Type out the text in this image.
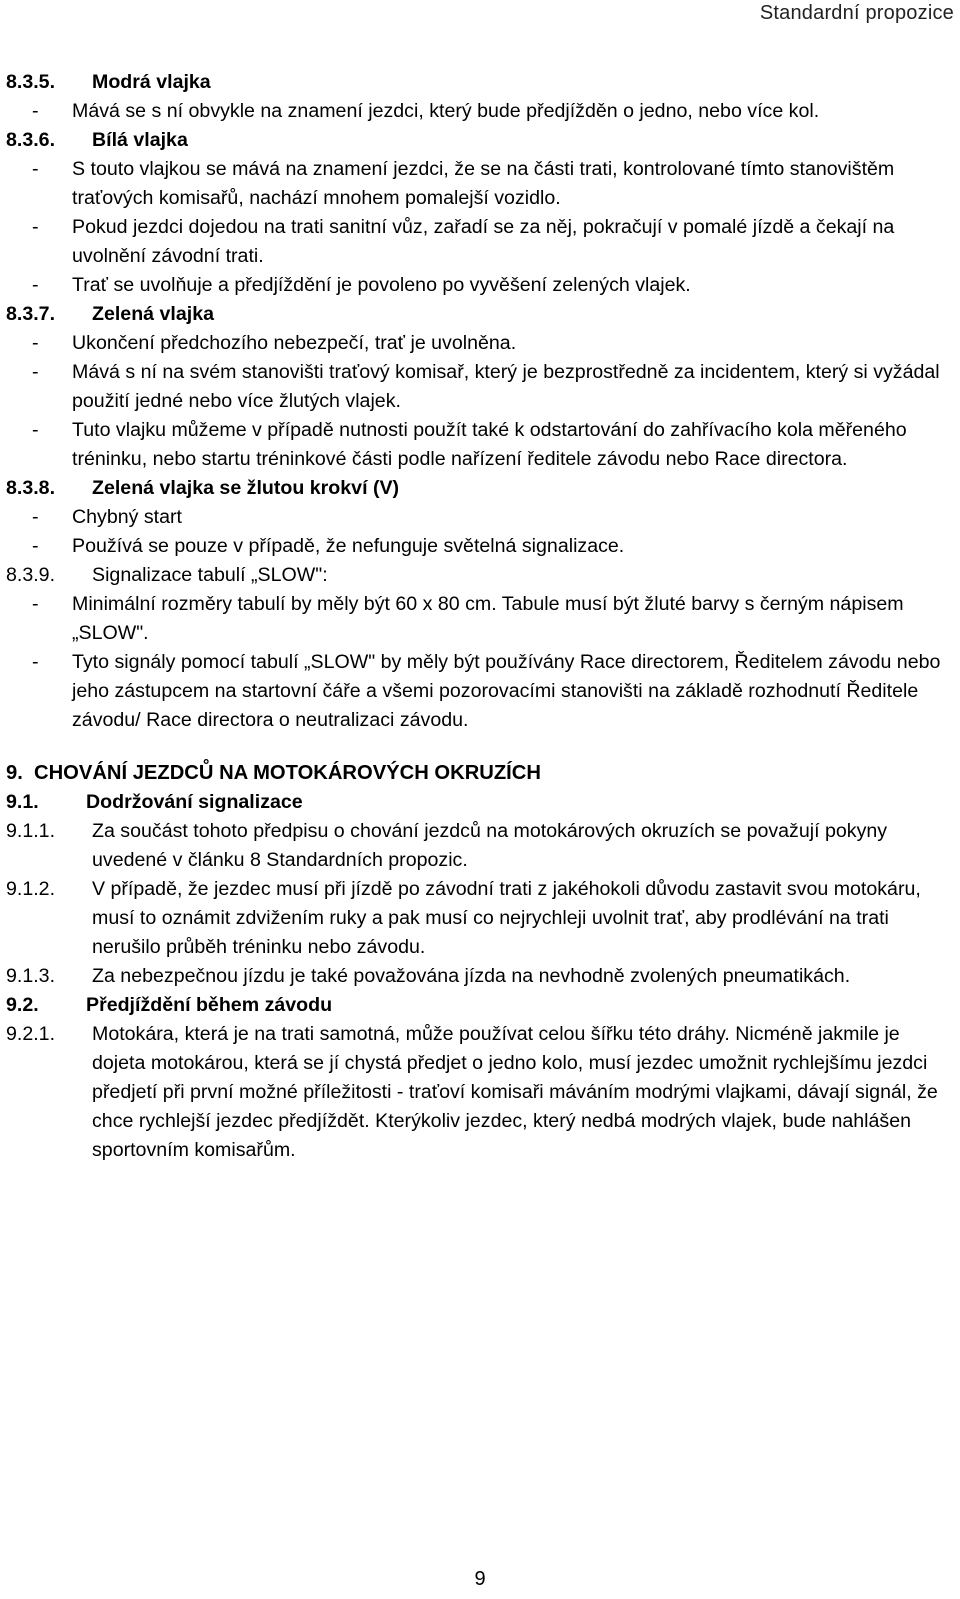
Standardní propozice
8.3.5.	Modrá vlajka
-	Mává se s ní obvykle na znamení jezdci, který bude předjížděn o jedno, nebo více kol.
8.3.6.	Bílá vlajka
-	S touto vlajkou se mává na znamení jezdci, že se na části trati, kontrolované tímto stanovištěm traťových komisařů, nachází mnohem pomalejší vozidlo.
-	Pokud jezdci dojedou na trati sanitní vůz, zařadí se za něj, pokračují v pomalé jízdě a čekají na uvolnění závodní trati.
-	Trať se uvolňuje a předjíždění je povoleno po vyvěšení zelených vlajek.
8.3.7.	Zelená vlajka
-	Ukončení předchozího nebezpečí, trať je uvolněna.
-	Mává s ní na svém stanovišti traťový komisař, který je bezprostředně za incidentem, který si vyžádal použití jedné nebo více žlutých vlajek.
-	Tuto vlajku můžeme v případě nutnosti použít také k odstartování do zahřívacího kola měřeného tréninku, nebo startu tréninkové části podle nařízení ředitele závodu nebo Race directora.
8.3.8.	Zelená vlajka se žlutou krokví (V)
-	Chybný start
-	Používá se pouze v případě, že nefunguje světelná signalizace.
8.3.9.	Signalizace tabulí „SLOW":
-	Minimální rozměry tabulí by měly být 60 x 80 cm. Tabule musí být žluté barvy s černým nápisem „SLOW".
-	Tyto signály pomocí tabulí „SLOW" by měly být používány Race directorem, Ředitelem závodu nebo jeho zástupcem na startovní čáře a všemi pozorovacími stanovišti na základě rozhodnutí Ředitele závodu/ Race directora o neutralizaci závodu.
9. CHOVÁNÍ JEZDCŮ NA MOTOKÁROVÝCH OKRUZÍCH
9.1.	Dodržování signalizace
9.1.1.	Za součást tohoto předpisu o chování jezdců na motokárových okruzích se považují pokyny uvedené v článku 8 Standardních propozic.
9.1.2.	V případě, že jezdec musí při jízdě po závodní trati z jakéhokoli důvodu zastavit svou motokáru, musí to oznámit zdvižením ruky a pak musí co nejrychleji uvolnit trať, aby prodlévání na trati nerušilo průběh tréninku nebo závodu.
9.1.3.	Za nebezpečnou jízdu je také považována jízda na nevhodně zvolených pneumatikách.
9.2.	Předjíždění během závodu
9.2.1.	Motokára, která je na trati samotná, může používat celou šířku této dráhy. Nicméně jakmile je dojeta motokárou, která se jí chystá předjet o jedno kolo, musí jezdec umožnit rychlejšímu jezdci předjetí při první možné příležitosti - traťoví komisaři máváním modrými vlajkami, dávají signál, že chce rychlejší jezdec předjíždět. Kterýkoliv jezdec, který nedbá modrých vlajek, bude nahlášen sportovním komisařům.
9
